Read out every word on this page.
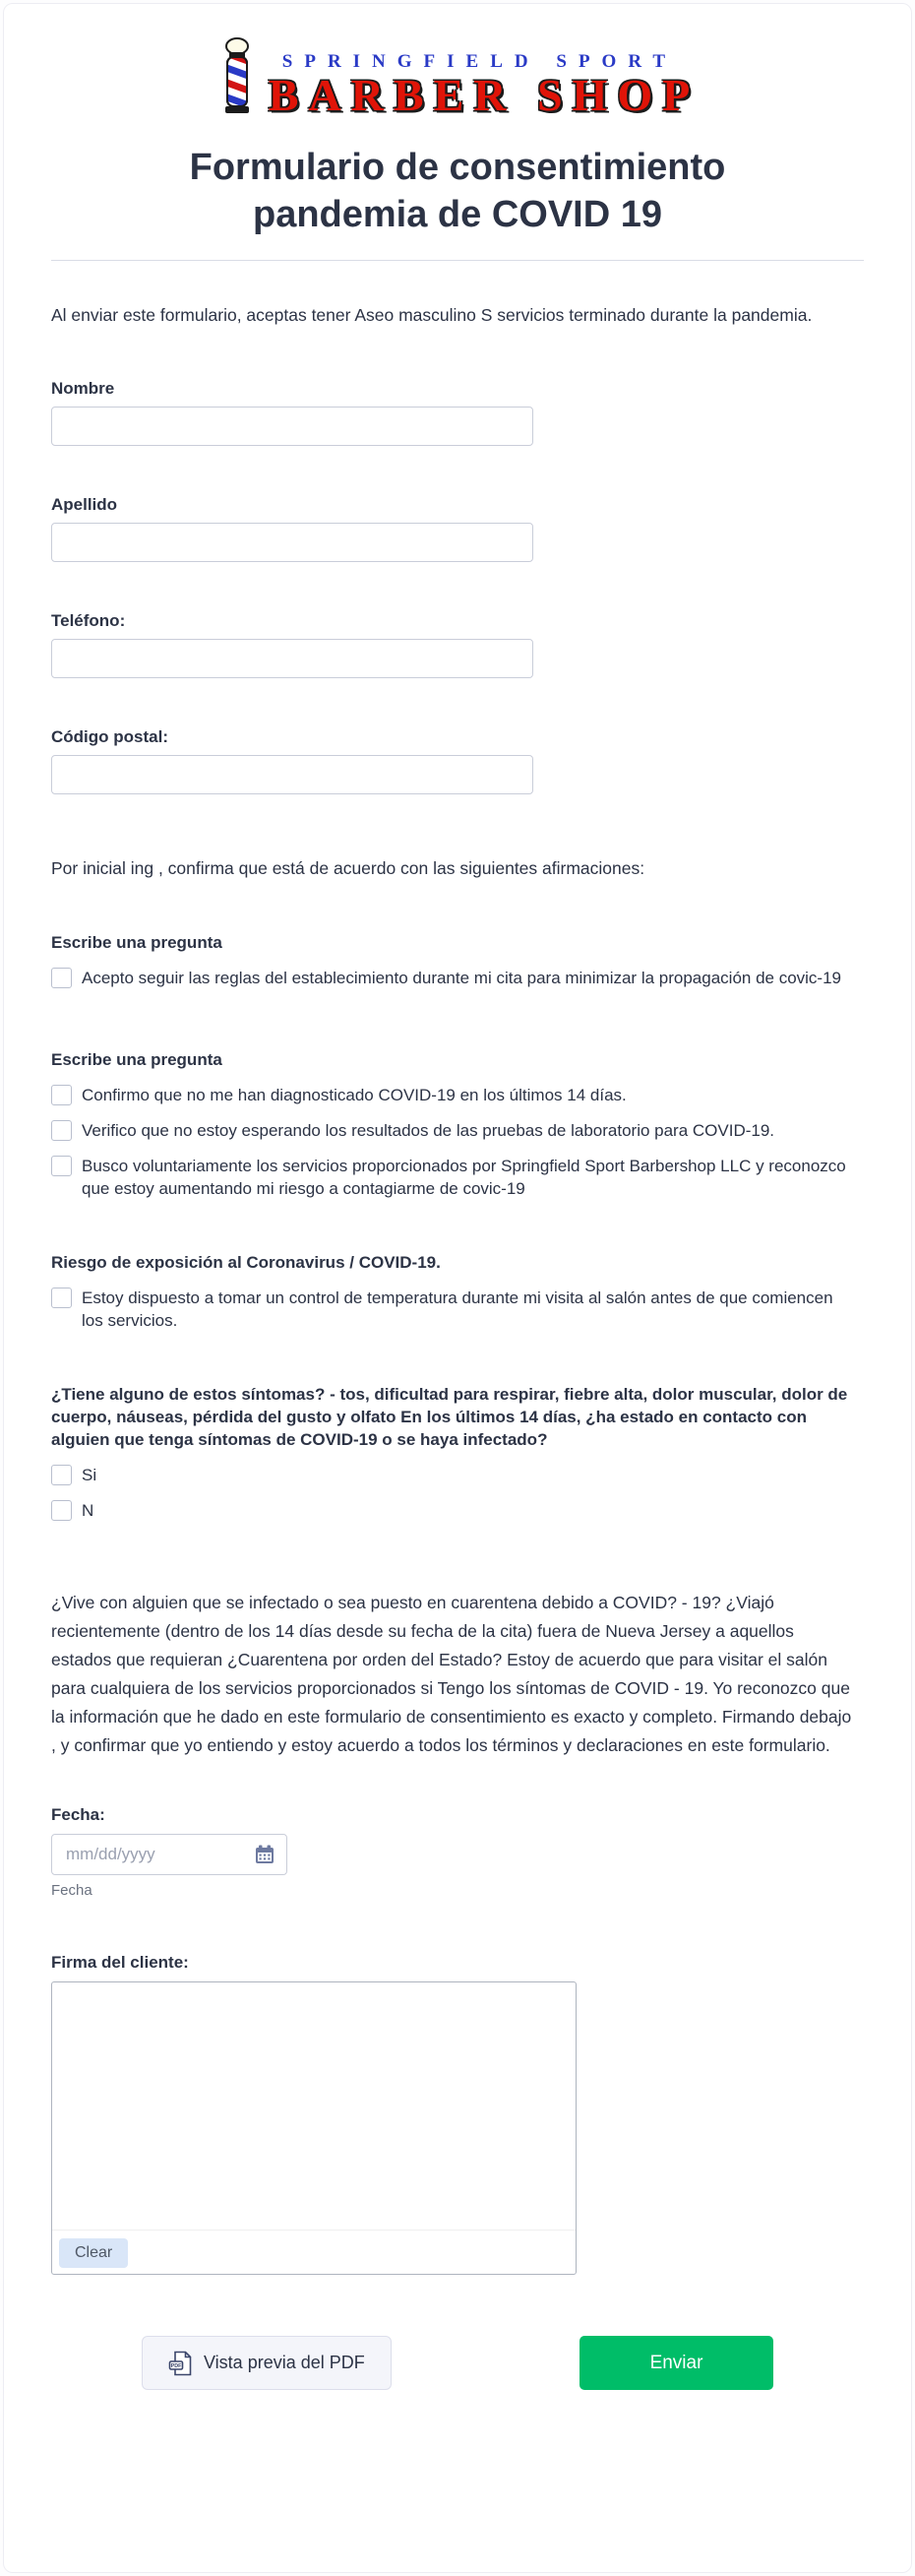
SPRINGFIELD SPORT
BARBER SHOP
Formulario de consentimiento pandemia de COVID 19

Al enviar este formulario, aceptas tener Aseo masculino S servicios terminado durante la pandemia.

Nombre
Apellido
Teléfono:
Código postal:

Por inicial ing , confirma que está de acuerdo con las siguientes afirmaciones:

Escribe una pregunta
Acepto seguir las reglas del establecimiento durante mi cita para minimizar la propagación de covic-19
Escribe una pregunta
Confirmo que no me han diagnosticado COVID-19 en los últimos 14 días.
Verifico que no estoy esperando los resultados de las pruebas de laboratorio para COVID-19.
Busco voluntariamente los servicios proporcionados por Springfield Sport Barbershop LLC y reconozco que estoy aumentando mi riesgo a contagiarme de covic-19
Riesgo de exposición al Coronavirus / COVID-19.
Estoy dispuesto a tomar un control de temperatura durante mi visita al salón antes de que comiencen los servicios.
¿Tiene alguno de estos síntomas? - tos, dificultad para respirar, fiebre alta, dolor muscular, dolor de cuerpo, náuseas, pérdida del gusto y olfato En los últimos 14 días, ¿ha estado en contacto con alguien que tenga síntomas de COVID-19 o se haya infectado?
Si
N

¿Vive con alguien que se infectado o sea puesto en cuarentena debido a COVID? - 19? ¿Viajó recientemente (dentro de los 14 días desde su fecha de la cita) fuera de Nueva Jersey a aquellos estados que requieran ¿Cuarentena por orden del Estado? Estoy de acuerdo que para visitar el salón para cualquiera de los servicios proporcionados si Tengo los síntomas de COVID - 19. Yo reconozco que la información que he dado en este formulario de consentimiento es exacto y completo. Firmando debajo , y confirmar que yo entiendo y estoy acuerdo a todos los términos y declaraciones en este formulario.

Fecha:
mm/dd/yyyy
Fecha
Firma del cliente:
Clear
PDF Vista previa del PDF	Enviar
